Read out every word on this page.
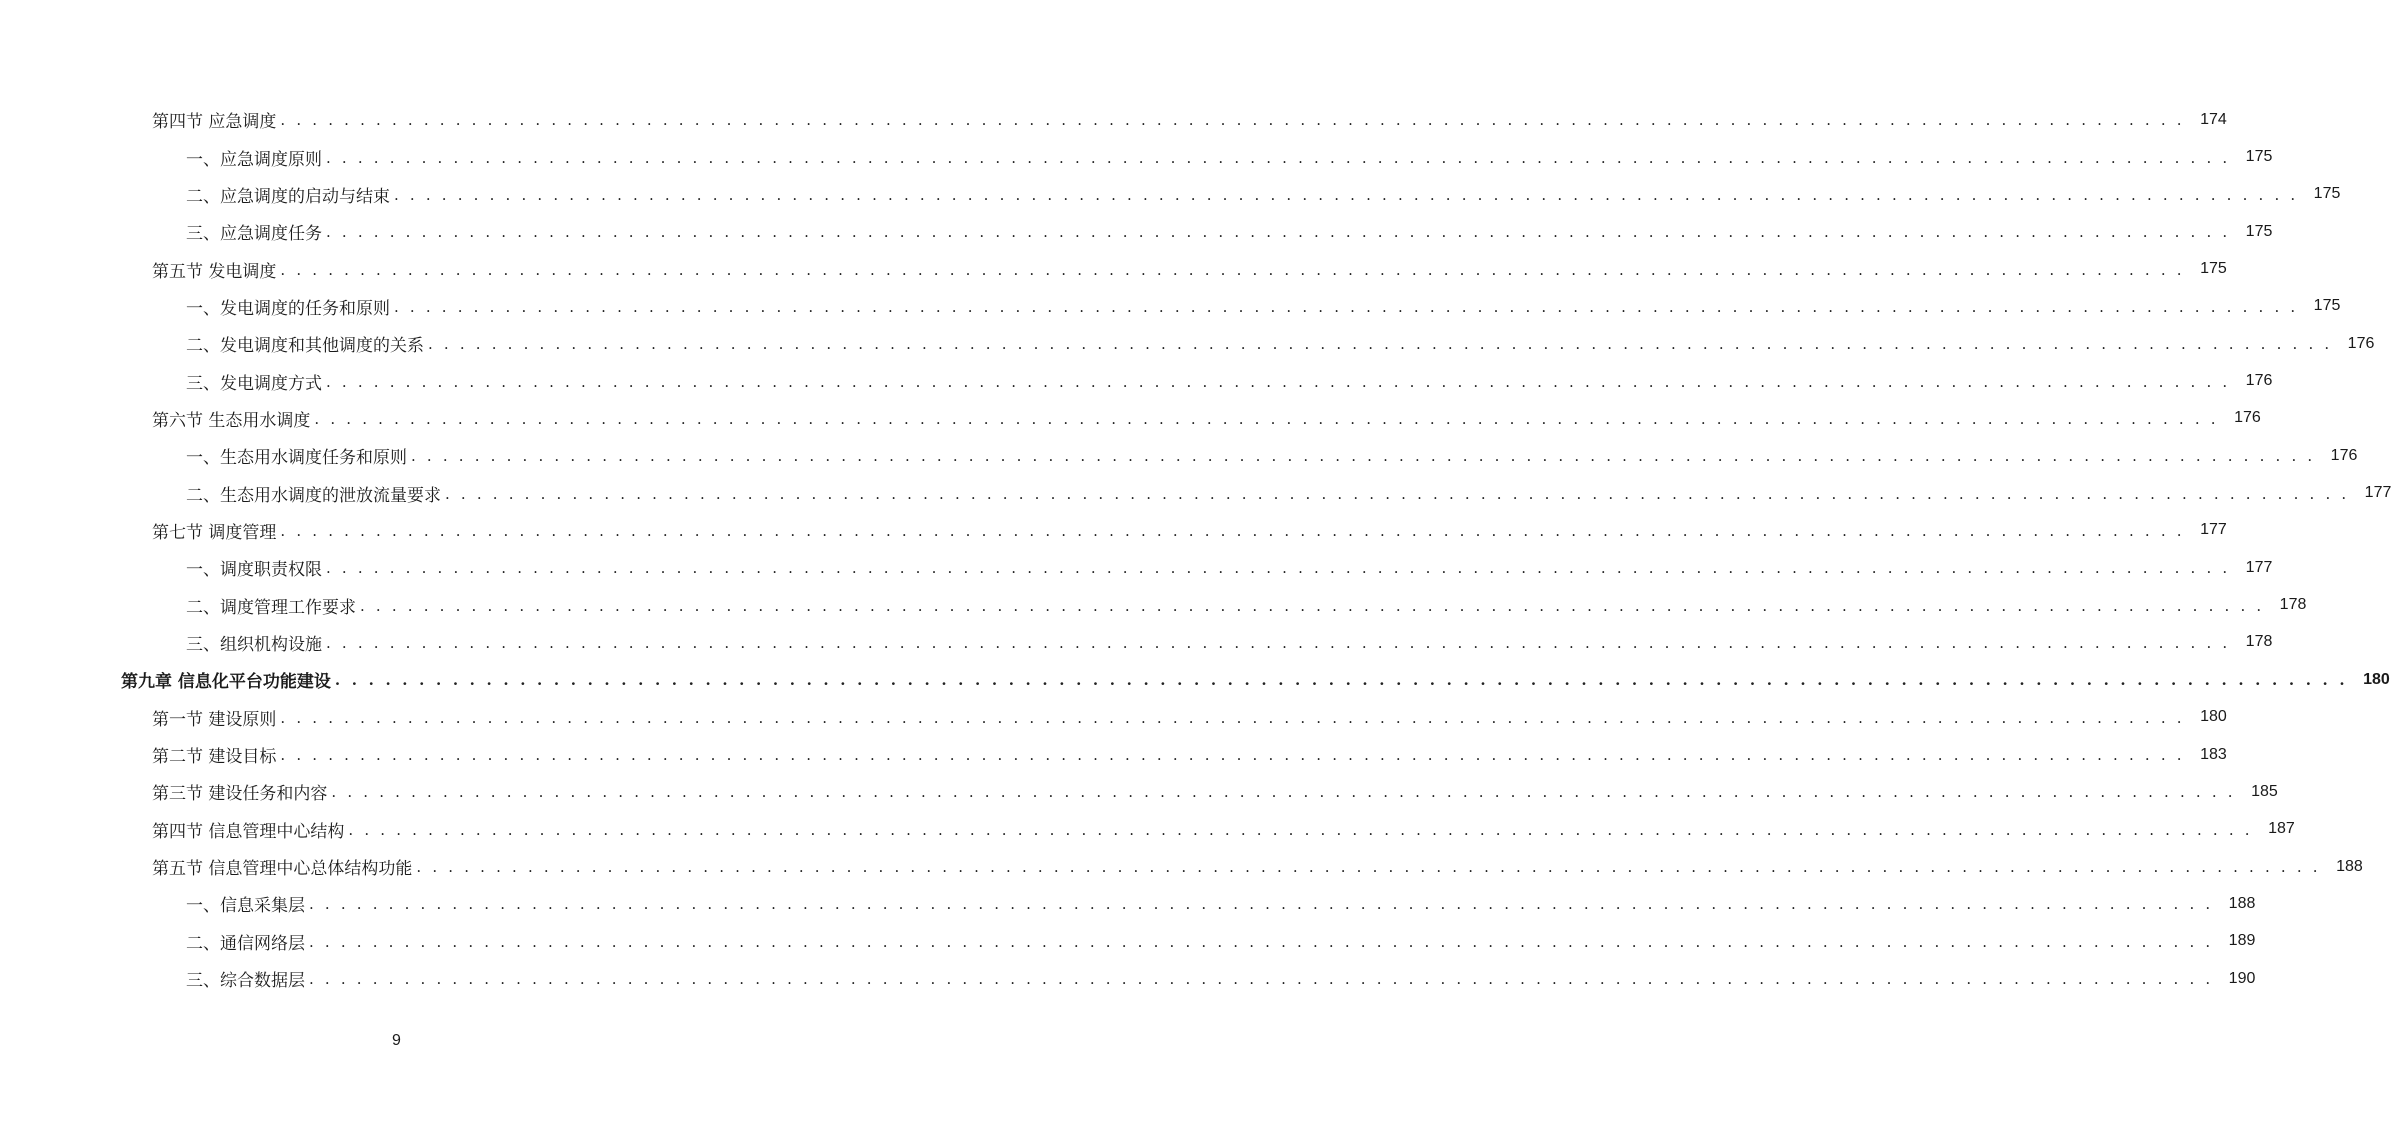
第四节 应急调度 . . . . . . . . . . . . . . . . . . . . . . . . . . . . . . . . . . . . . . . . . . . . . . . . . . . . . . . . . . . . . . . . . . . . . . . . . . . . . . . . . . . . . . . . . . . . . . . . . . . . . . . . . . . . . . . . . . . . . . . . 174
一、应急调度原则 . . . . . . . . . . . . . . . . . . . . . . . . . . . . . . . . . . . . . . . . . . . . . . . . . . . . . . . . . . . . . . . . . . . . . . . . . . . . . . . . . . . . . . . . . . . . . . . . . . . . . . . . . . . . . . . . . . . . . . . . 175
二、应急调度的启动与结束 . . . . . . . . . . . . . . . . . . . . . . . . . . . . . . . . . . . . . . . . . . . . . . . . . . . . . . . . . . . . . . . . . . . . . . . . . . . . . . . . . . . . . . . . . . . . . . . . . . . . . . . . . . . . . . . . . . . . . . . . 175
三、应急调度任务 . . . . . . . . . . . . . . . . . . . . . . . . . . . . . . . . . . . . . . . . . . . . . . . . . . . . . . . . . . . . . . . . . . . . . . . . . . . . . . . . . . . . . . . . . . . . . . . . . . . . . . . . . . . . . . . . . . . . . . . . 175
第五节 发电调度 . . . . . . . . . . . . . . . . . . . . . . . . . . . . . . . . . . . . . . . . . . . . . . . . . . . . . . . . . . . . . . . . . . . . . . . . . . . . . . . . . . . . . . . . . . . . . . . . . . . . . . . . . . . . . . . . . . . . . . . . 175
一、发电调度的任务和原则 . . . . . . . . . . . . . . . . . . . . . . . . . . . . . . . . . . . . . . . . . . . . . . . . . . . . . . . . . . . . . . . . . . . . . . . . . . . . . . . . . . . . . . . . . . . . . . . . . . . . . . . . . . . . . . . . . . . . . . . . 175
二、发电调度和其他调度的关系 . . . . . . . . . . . . . . . . . . . . . . . . . . . . . . . . . . . . . . . . . . . . . . . . . . . . . . . . . . . . . . . . . . . . . . . . . . . . . . . . . . . . . . . . . . . . . . . . . . . . . . . . . . . . . . . . . . . . . . . . 176
三、发电调度方式 . . . . . . . . . . . . . . . . . . . . . . . . . . . . . . . . . . . . . . . . . . . . . . . . . . . . . . . . . . . . . . . . . . . . . . . . . . . . . . . . . . . . . . . . . . . . . . . . . . . . . . . . . . . . . . . . . . . . . . . . 176
第六节 生态用水调度 . . . . . . . . . . . . . . . . . . . . . . . . . . . . . . . . . . . . . . . . . . . . . . . . . . . . . . . . . . . . . . . . . . . . . . . . . . . . . . . . . . . . . . . . . . . . . . . . . . . . . . . . . . . . . . . . . . . . . . . . 176
一、生态用水调度任务和原则 . . . . . . . . . . . . . . . . . . . . . . . . . . . . . . . . . . . . . . . . . . . . . . . . . . . . . . . . . . . . . . . . . . . . . . . . . . . . . . . . . . . . . . . . . . . . . . . . . . . . . . . . . . . . . . . . . . . . . . . . 176
二、生态用水调度的泄放流量要求 . . . . . . . . . . . . . . . . . . . . . . . . . . . . . . . . . . . . . . . . . . . . . . . . . . . . . . . . . . . . . . . . . . . . . . . . . . . . . . . . . . . . . . . . . . . . . . . . . . . . . . . . . . . . . . . . . . . . . . . . 177
第七节 调度管理 . . . . . . . . . . . . . . . . . . . . . . . . . . . . . . . . . . . . . . . . . . . . . . . . . . . . . . . . . . . . . . . . . . . . . . . . . . . . . . . . . . . . . . . . . . . . . . . . . . . . . . . . . . . . . . . . . . . . . . . . 177
一、调度职责权限 . . . . . . . . . . . . . . . . . . . . . . . . . . . . . . . . . . . . . . . . . . . . . . . . . . . . . . . . . . . . . . . . . . . . . . . . . . . . . . . . . . . . . . . . . . . . . . . . . . . . . . . . . . . . . . . . . . . . . . . . 177
二、调度管理工作要求 . . . . . . . . . . . . . . . . . . . . . . . . . . . . . . . . . . . . . . . . . . . . . . . . . . . . . . . . . . . . . . . . . . . . . . . . . . . . . . . . . . . . . . . . . . . . . . . . . . . . . . . . . . . . . . . . . . . . . . . . 178
三、组织机构设施 . . . . . . . . . . . . . . . . . . . . . . . . . . . . . . . . . . . . . . . . . . . . . . . . . . . . . . . . . . . . . . . . . . . . . . . . . . . . . . . . . . . . . . . . . . . . . . . . . . . . . . . . . . . . . . . . . . . . . . . . 178
第九章 信息化平台功能建设 . . . . . . . . . . . . . . . . . . . . . . . . . . . . . . . . . . . . . . . . . . . . . . . . . . . . . . . . . . . . . . . . . . . . . . . . . . . . . . . . . . . . . . . . . . . . . . . . . . . . . . . . . . . . . . . . . . . . . . . . 180
第一节 建设原则 . . . . . . . . . . . . . . . . . . . . . . . . . . . . . . . . . . . . . . . . . . . . . . . . . . . . . . . . . . . . . . . . . . . . . . . . . . . . . . . . . . . . . . . . . . . . . . . . . . . . . . . . . . . . . . . . . . . . . . . . 180
第二节 建设目标 . . . . . . . . . . . . . . . . . . . . . . . . . . . . . . . . . . . . . . . . . . . . . . . . . . . . . . . . . . . . . . . . . . . . . . . . . . . . . . . . . . . . . . . . . . . . . . . . . . . . . . . . . . . . . . . . . . . . . . . . 183
第三节 建设任务和内容 . . . . . . . . . . . . . . . . . . . . . . . . . . . . . . . . . . . . . . . . . . . . . . . . . . . . . . . . . . . . . . . . . . . . . . . . . . . . . . . . . . . . . . . . . . . . . . . . . . . . . . . . . . . . . . . . . . . . . . . . 185
第四节 信息管理中心结构 . . . . . . . . . . . . . . . . . . . . . . . . . . . . . . . . . . . . . . . . . . . . . . . . . . . . . . . . . . . . . . . . . . . . . . . . . . . . . . . . . . . . . . . . . . . . . . . . . . . . . . . . . . . . . . . . . . . . . . . . 187
第五节 信息管理中心总体结构功能 . . . . . . . . . . . . . . . . . . . . . . . . . . . . . . . . . . . . . . . . . . . . . . . . . . . . . . . . . . . . . . . . . . . . . . . . . . . . . . . . . . . . . . . . . . . . . . . . . . . . . . . . . . . . . . . . . . . . . . . . 188
一、信息采集层 . . . . . . . . . . . . . . . . . . . . . . . . . . . . . . . . . . . . . . . . . . . . . . . . . . . . . . . . . . . . . . . . . . . . . . . . . . . . . . . . . . . . . . . . . . . . . . . . . . . . . . . . . . . . . . . . . . . . . . . . 188
二、通信网络层 . . . . . . . . . . . . . . . . . . . . . . . . . . . . . . . . . . . . . . . . . . . . . . . . . . . . . . . . . . . . . . . . . . . . . . . . . . . . . . . . . . . . . . . . . . . . . . . . . . . . . . . . . . . . . . . . . . . . . . . . 189
三、综合数据层 . . . . . . . . . . . . . . . . . . . . . . . . . . . . . . . . . . . . . . . . . . . . . . . . . . . . . . . . . . . . . . . . . . . . . . . . . . . . . . . . . . . . . . . . . . . . . . . . . . . . . . . . . . . . . . . . . . . . . . . . 190
9
